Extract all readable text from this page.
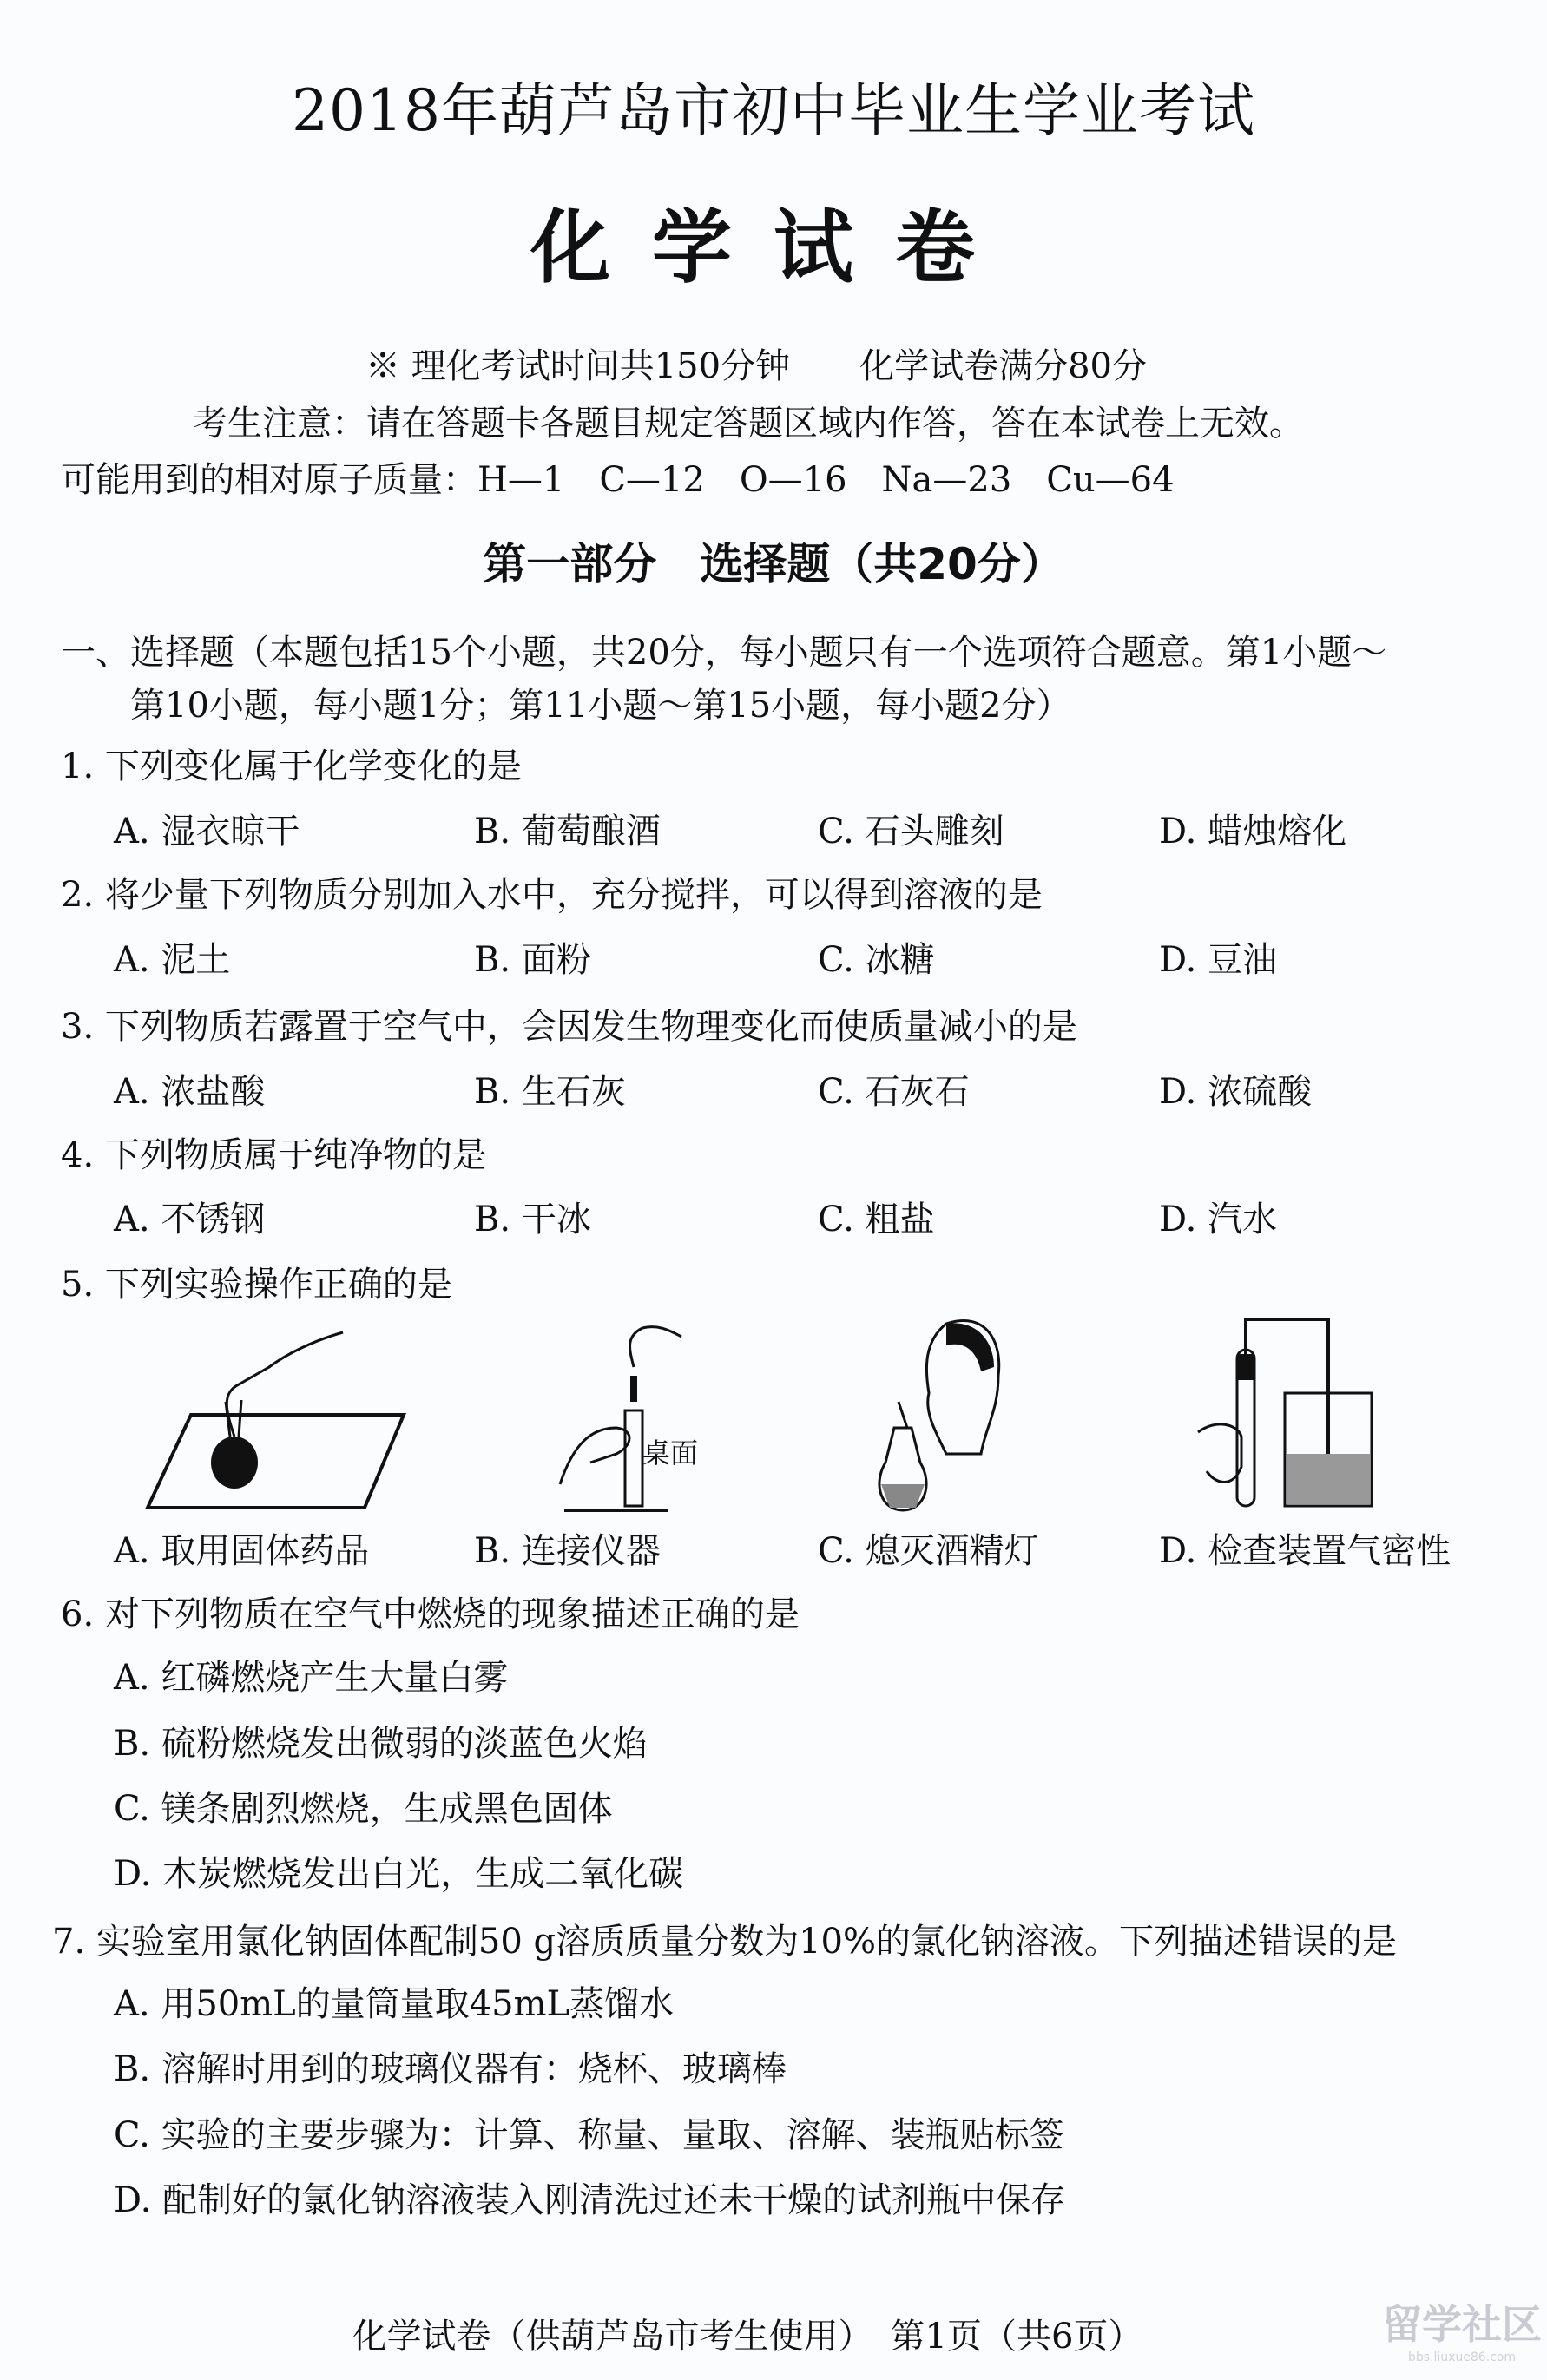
2018年葫芦岛市初中毕业生学业考试
化学试卷
※ 理化考试时间共150分钟　　化学试卷满分80分
考生注意：请在答题卡各题目规定答题区域内作答，答在本试卷上无效。
可能用到的相对原子质量：H—1　C—12　O—16　Na—23　Cu—64
第一部分　选择题（共20分）
一、选择题（本题包括15个小题，共20分，每小题只有一个选项符合题意。第1小题～
第10小题，每小题1分；第11小题～第15小题，每小题2分）
1. 下列变化属于化学变化的是
A. 湿衣晾干	B. 葡萄酿酒	C. 石头雕刻	D. 蜡烛熔化
2. 将少量下列物质分别加入水中，充分搅拌，可以得到溶液的是
A. 泥土	B. 面粉	C. 冰糖	D. 豆油
3. 下列物质若露置于空气中，会因发生物理变化而使质量减小的是
A. 浓盐酸	B. 生石灰	C. 石灰石	D. 浓硫酸
4. 下列物质属于纯净物的是
A. 不锈钢	B. 干冰	C. 粗盐	D. 汽水
5. 下列实验操作正确的是
桌面
A. 取用固体药品	B. 连接仪器	C. 熄灭酒精灯	D. 检查装置气密性
6. 对下列物质在空气中燃烧的现象描述正确的是
A. 红磷燃烧产生大量白雾
B. 硫粉燃烧发出微弱的淡蓝色火焰
C. 镁条剧烈燃烧，生成黑色固体
D. 木炭燃烧发出白光，生成二氧化碳
7. 实验室用氯化钠固体配制50 g溶质质量分数为10%的氯化钠溶液。下列描述错误的是
A. 用50mL的量筒量取45mL蒸馏水
B. 溶解时用到的玻璃仪器有：烧杯、玻璃棒
C. 实验的主要步骤为：计算、称量、量取、溶解、装瓶贴标签
D. 配制好的氯化钠溶液装入刚清洗过还未干燥的试剂瓶中保存
化学试卷（供葫芦岛市考生使用）　第1页（共6页）	留学社区
bbs.liuxue86.com
